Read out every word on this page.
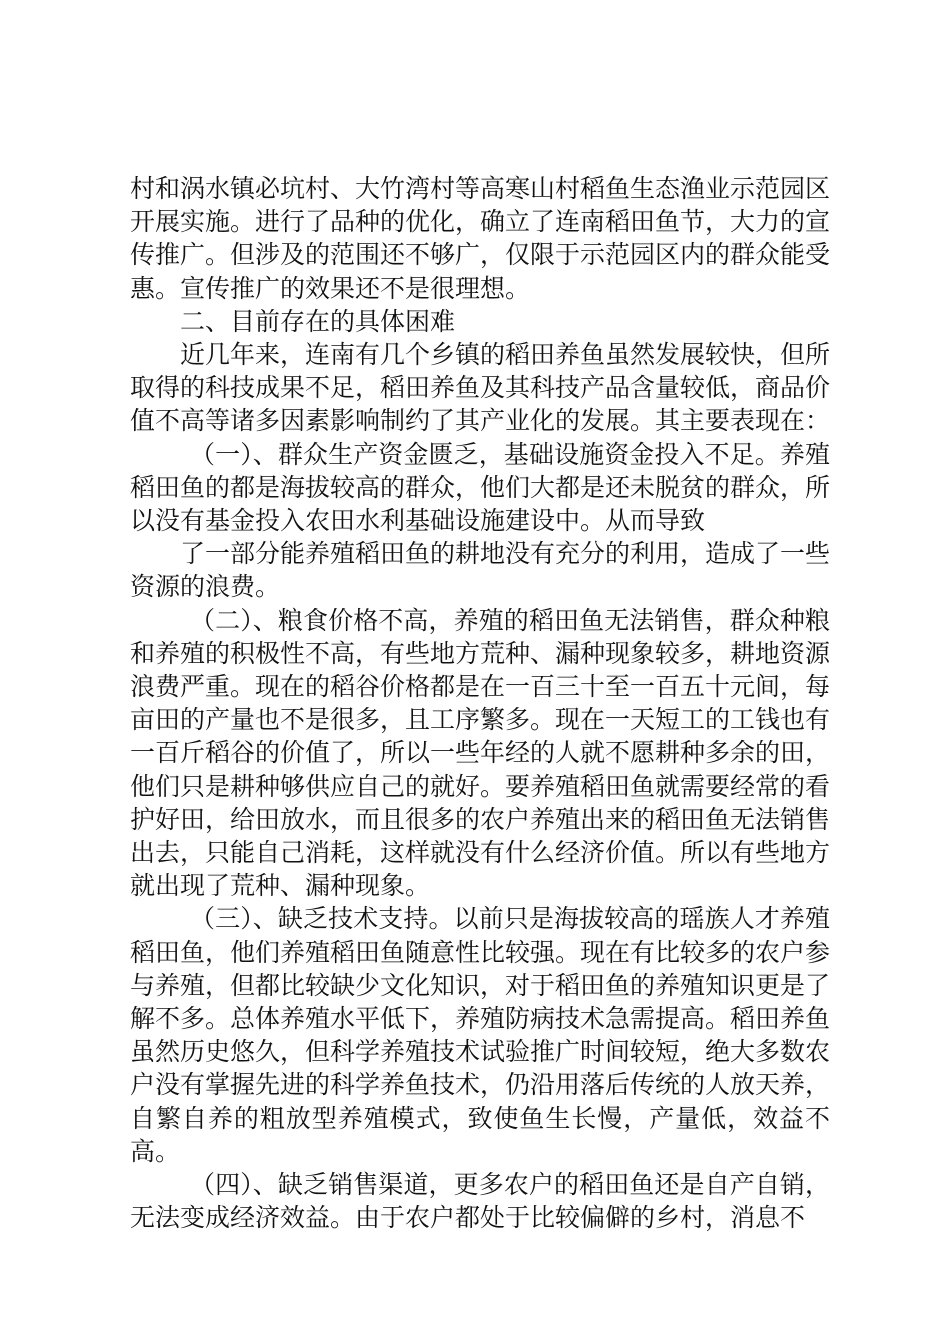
村和涡水镇必坑村、大竹湾村等高寒山村稻鱼生态渔业示范园区开展实施。进行了品种的优化，确立了连南稻田鱼节，大力的宣传推广。但涉及的范围还不够广，仅限于示范园区内的群众能受惠。宣传推广的效果还不是很理想。

二、目前存在的具体困难

近几年来，连南有几个乡镇的稻田养鱼虽然发展较快，但所取得的科技成果不足，稻田养鱼及其科技产品含量较低，商品价值不高等诸多因素影响制约了其产业化的发展。其主要表现在：

（一）、群众生产资金匮乏，基础设施资金投入不足。养殖稻田鱼的都是海拔较高的群众，他们大都是还未脱贫的群众，所以没有基金投入农田水利基础设施建设中。从而导致

了一部分能养殖稻田鱼的耕地没有充分的利用，造成了一些资源的浪费。

（二）、粮食价格不高，养殖的稻田鱼无法销售，群众种粮和养殖的积极性不高，有些地方荒种、漏种现象较多，耕地资源浪费严重。现在的稻谷价格都是在一百三十至一百五十元间，每亩田的产量也不是很多，且工序繁多。现在一天短工的工钱也有一百斤稻谷的价值了，所以一些年经的人就不愿耕种多余的田，他们只是耕种够供应自己的就好。要养殖稻田鱼就需要经常的看护好田，给田放水，而且很多的农户养殖出来的稻田鱼无法销售出去，只能自己消耗，这样就没有什么经济价值。所以有些地方就出现了荒种、漏种现象。

（三）、缺乏技术支持。以前只是海拔较高的瑶族人才养殖稻田鱼，他们养殖稻田鱼随意性比较强。现在有比较多的农户参与养殖，但都比较缺少文化知识，对于稻田鱼的养殖知识更是了解不多。总体养殖水平低下，养殖防病技术急需提高。稻田养鱼虽然历史悠久，但科学养殖技术试验推广时间较短，绝大多数农户没有掌握先进的科学养鱼技术，仍沿用落后传统的人放天养，自繁自养的粗放型养殖模式，致使鱼生长慢，产量低，效益不高。

（四）、缺乏销售渠道，更多农户的稻田鱼还是自产自销，无法变成经济效益。由于农户都处于比较偏僻的乡村，消息不
